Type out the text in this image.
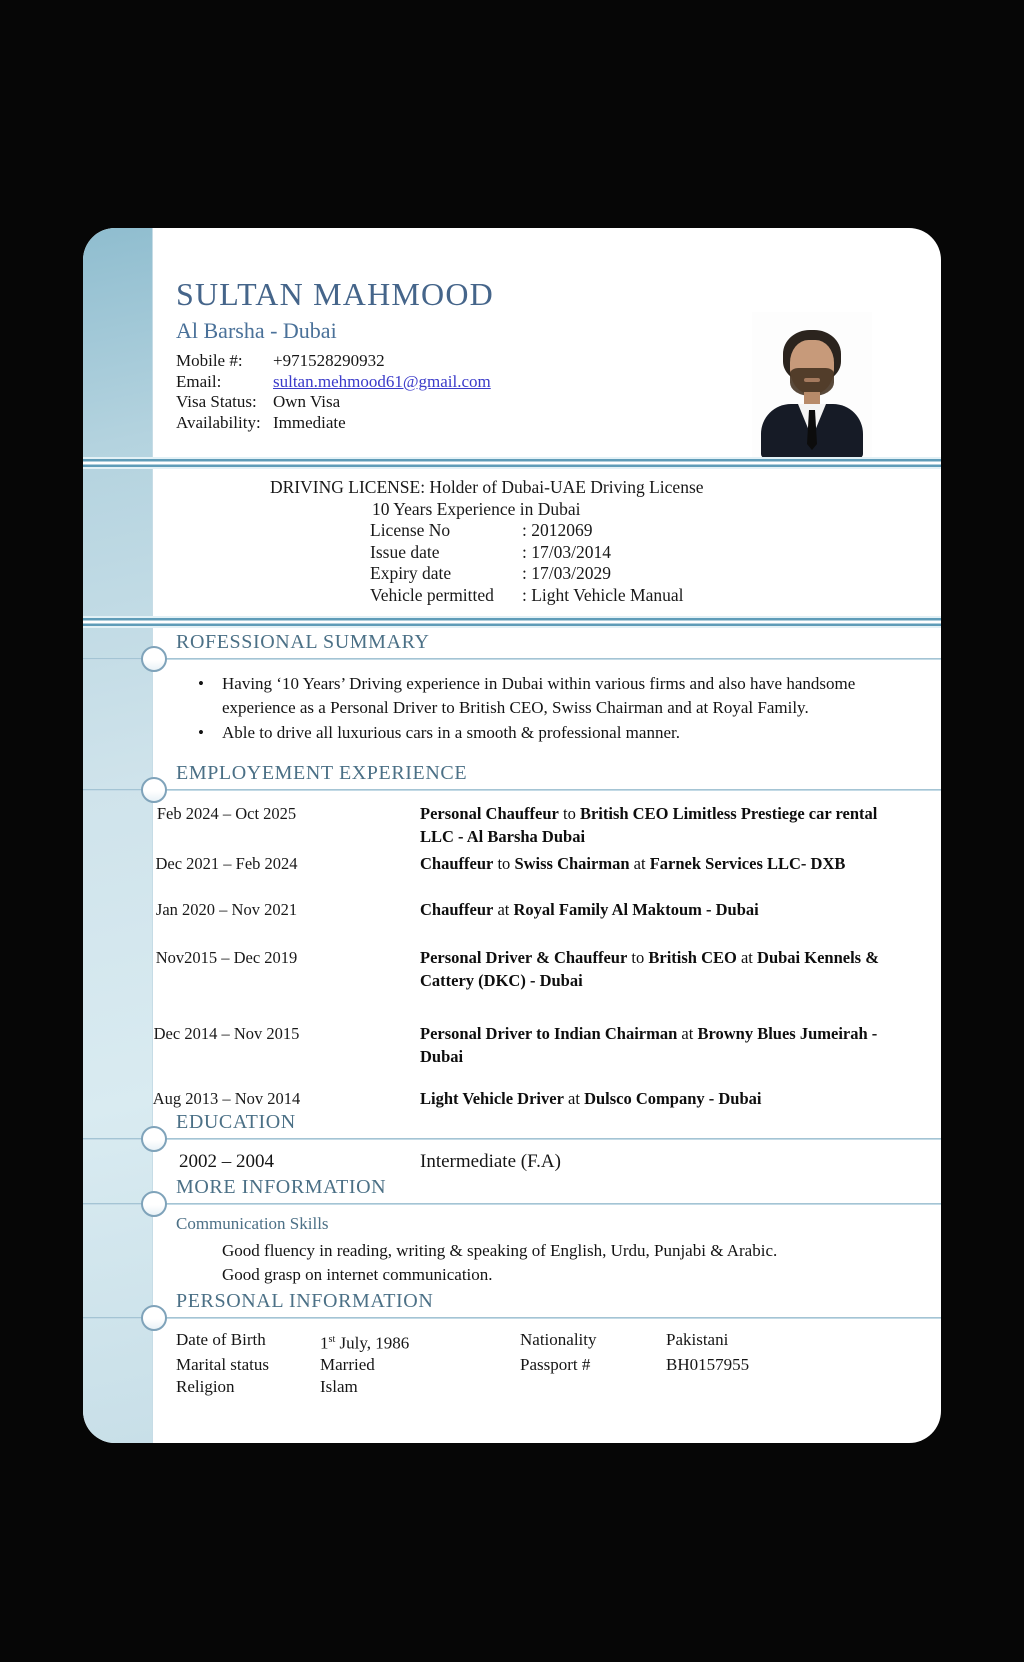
SULTAN MAHMOOD
Al Barsha - Dubai
Mobile #:	+971528290932
Email:	sultan.mehmood61@gmail.com
Visa Status: Own Visa
Availability: Immediate
DRIVING LICENSE: Holder of Dubai-UAE Driving License
10 Years Experience in Dubai
License No	: 2012069
Issue date	: 17/03/2014
Expiry date	: 17/03/2029
Vehicle permitted	: Light Vehicle Manual
ROFESSIONAL SUMMARY
• Having ‘10 Years’ Driving experience in Dubai within various firms and also have handsome experience as a Personal Driver to British CEO, Swiss Chairman and at Royal Family.
• Able to drive all luxurious cars in a smooth & professional manner.
EMPLOYEMENT EXPERIENCE
Feb 2024 – Oct 2025	Personal Chauffeur to British CEO Limitless Prestiege car rental LLC - Al Barsha Dubai
Dec 2021 – Feb 2024	Chauffeur to Swiss Chairman at Farnek Services LLC- DXB
Jan 2020 – Nov 2021	Chauffeur at Royal Family Al Maktoum - Dubai
Nov2015 – Dec 2019	Personal Driver & Chauffeur to British CEO at Dubai Kennels & Cattery (DKC) - Dubai
Dec 2014 – Nov 2015	Personal Driver to Indian Chairman at Browny Blues Jumeirah - Dubai
Aug 2013 – Nov 2014	Light Vehicle Driver at Dulsco Company - Dubai
EDUCATION
2002 – 2004	Intermediate (F.A)
MORE INFORMATION
Communication Skills
Good fluency in reading, writing & speaking of English, Urdu, Punjabi & Arabic.
Good grasp on internet communication.
PERSONAL INFORMATION
Date of Birth	1st July, 1986	Nationality	Pakistani
Marital status	Married	Passport #	BH0157955
Religion	Islam
